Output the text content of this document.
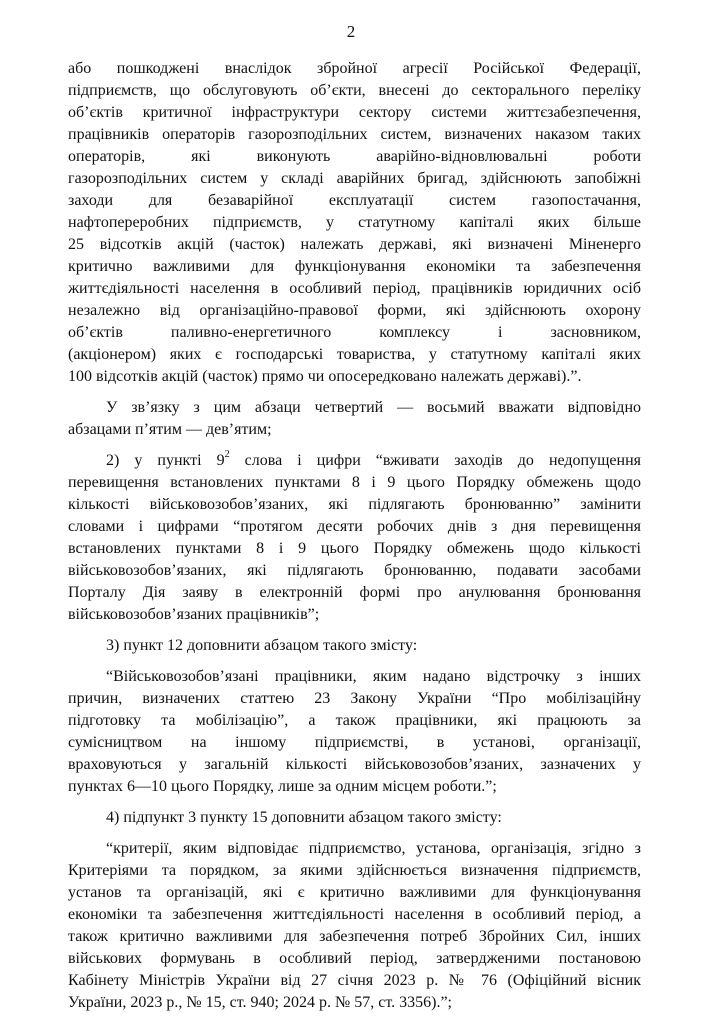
2
або пошкоджені внаслідок збройної агресії Російської Федерації,
підприємств, що обслуговують об’єкти, внесені до секторального переліку
об’єктів критичної інфраструктури сектору системи життєзабезпечення,
працівників операторів газорозподільних систем, визначених наказом таких
операторів, які виконують аварійно-відновлювальні роботи
газорозподільних систем у складі аварійних бригад, здійснюють запобіжні
заходи для безаварійної експлуатації систем газопостачання,
нафтопереробних підприємств, у статутному капіталі яких більше
25 відсотків акцій (часток) належать державі, які визначені Міненерго
критично важливими для функціонування економіки та забезпечення
життєдіяльності населення в особливий період, працівників юридичних осіб
незалежно від організаційно-правової форми, які здійснюють охорону
об’єктів паливно-енергетичного комплексу і засновником,
(акціонером) яких є господарські товариства, у статутному капіталі яких
100 відсотків акцій (часток) прямо чи опосередковано належать державі).”.
У зв’язку з цим абзаци четвертий — восьмий вважати відповідно
абзацами п’ятим — дев’ятим;
2) у пункті $9^2$ слова і цифри “вживати заходів до недопущення
перевищення встановлених пунктами 8 і 9 цього Порядку обмежень щодо
кількості військовозобов’язаних, які підлягають бронюванню” замінити
словами і цифрами “протягом десяти робочих днів з дня перевищення
встановлених пунктами 8 і 9 цього Порядку обмежень щодо кількості
військовозобов’язаних, які підлягають бронюванню, подавати засобами
Порталу Дія заяву в електронній формі про анулювання бронювання
військовозобов’язаних працівників”;
3) пункт 12 доповнити абзацом такого змісту:
“Військовозобов’язані працівники, яким надано відстрочку з інших
причин, визначених статтею 23 Закону України “Про мобілізаційну
підготовку та мобілізацію”, а також працівники, які працюють за
сумісництвом на іншому підприємстві, в установі, організації,
враховуються у загальній кількості військовозобов’язаних, зазначених у
пунктах 6—10 цього Порядку, лише за одним місцем роботи.”;
4) підпункт 3 пункту 15 доповнити абзацом такого змісту:
“критерії, яким відповідає підприємство, установа, організація, згідно з
Критеріями та порядком, за якими здійснюється визначення підприємств,
установ та організацій, які є критично важливими для функціонування
економіки та забезпечення життєдіяльності населення в особливий період, а
також критично важливими для забезпечення потреб Збройних Сил, інших
військових формувань в особливий період, затвердженими постановою
Кабінету Міністрів України від 27 січня 2023 р. № 76 (Офіційний вісник
України, 2023 р., № 15, ст. 940; 2024 р. № 57, ст. 3356).”;
